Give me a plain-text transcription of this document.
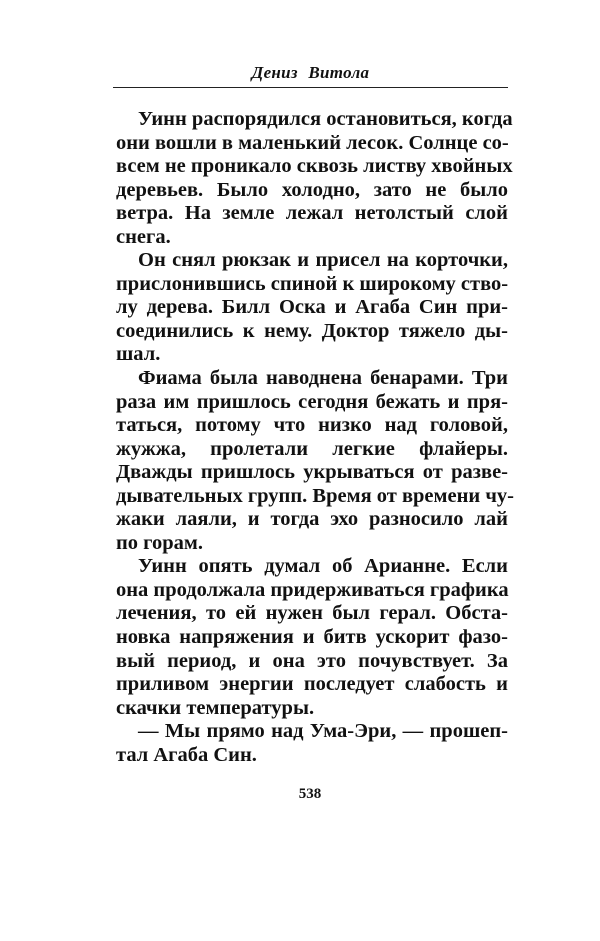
Дениз Витола
Уинн распорядился остановиться, когда
они вошли в маленький лесок. Солнце со-
всем не проникало сквозь листву хвойных
деревьев. Было холодно, зато не было
ветра. На земле лежал нетолстый слой
снега.
Он снял рюкзак и присел на корточки,
прислонившись спиной к широкому ство-
лу дерева. Билл Оска и Агаба Син при-
соединились к нему. Доктор тяжело ды-
шал.
Фиама была наводнена бенарами. Три
раза им пришлось сегодня бежать и пря-
таться, потому что низко над головой,
жужжа, пролетали легкие флайеры.
Дважды пришлось укрываться от разве-
дывательных групп. Время от времени чу-
жаки лаяли, и тогда эхо разносило лай
по горам.
Уинн опять думал об Арианне. Если
она продолжала придерживаться графика
лечения, то ей нужен был герал. Обста-
новка напряжения и битв ускорит фазо-
вый период, и она это почувствует. За
приливом энергии последует слабость и
скачки температуры.
— Мы прямо над Ума-Эри, — прошеп-
тал Агаба Син.
538
